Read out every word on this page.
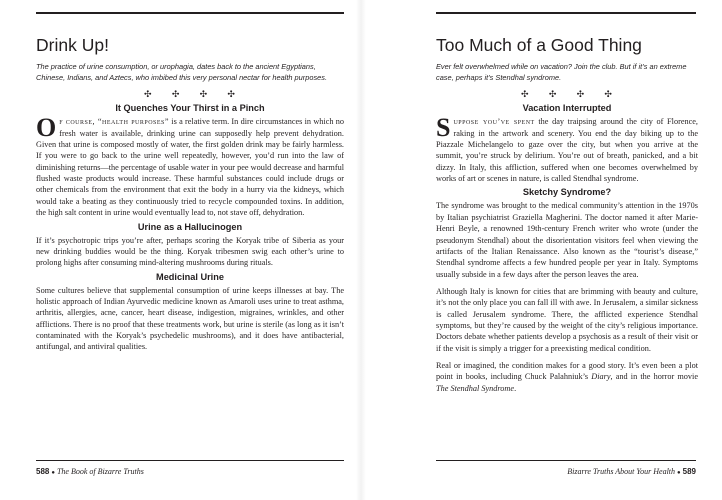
Drink Up!

The practice of urine consumption, or urophagia, dates back to the ancient Egyptians, Chinese, Indians, and Aztecs, who imbibed this very personal nectar for health purposes.

✣ ✣ ✣ ✣
It Quenches Your Thirst in a Pinch

Of course, “health purposes” is a relative term. In dire circumstances in which no fresh water is available, drinking urine can supposedly help prevent dehydration. Given that urine is composed mostly of water, the first golden drink may be fairly harmless. If you were to go back to the urine well repeatedly, however, you’d run into the law of diminishing returns—the percentage of usable water in your pee would decrease and harmful flushed waste products would increase. These harmful substances could include drugs or other chemicals from the environment that exit the body in a hurry via the kidneys, which would take a beating as they continuously tried to recycle compounded toxins. In addition, the high salt content in urine would eventually lead to, not stave off, dehydration.

Urine as a Hallucinogen

If it’s psychotropic trips you’re after, perhaps scoring the Koryak tribe of Siberia as your new drinking buddies would be the thing. Koryak tribesmen swig each other’s urine to prolong highs after consuming mind-altering mushrooms during rituals.

Medicinal Urine

Some cultures believe that supplemental consumption of urine keeps illnesses at bay. The holistic approach of Indian Ayurvedic medicine known as Amaroli uses urine to treat asthma, arthritis, allergies, acne, cancer, heart disease, indigestion, migraines, wrinkles, and other afflictions. There is no proof that these treatments work, but urine is sterile (as long as it isn’t contaminated with the Koryak’s psychedelic mushrooms), and it does have antibacterial, antifungal, and antiviral qualities.

588 ● The Book of Bizarre Truths
Too Much of a Good Thing

Ever felt overwhelmed while on vacation? Join the club. But if it’s an extreme case, perhaps it’s Stendhal syndrome.

✣ ✣ ✣ ✣
Vacation Interrupted

Suppose you’ve spent the day traipsing around the city of Florence, raking in the artwork and scenery. You end the day biking up to the Piazzale Michelangelo to gaze over the city, but when you arrive at the summit, you’re struck by delirium. You’re out of breath, panicked, and a bit dizzy. In Italy, this affliction, suffered when one becomes overwhelmed by works of art or scenes in nature, is called Stendhal syndrome.

Sketchy Syndrome?

The syndrome was brought to the medical community’s attention in the 1970s by Italian psychiatrist Graziella Magherini. The doctor named it after Marie-Henri Beyle, a renowned 19th-century French writer who wrote (under the pseudonym Stendhal) about the disorientation visitors feel when viewing the artifacts of the Italian Renaissance. Also known as the “tourist’s disease,” Stendhal syndrome affects a few hundred people per year in Italy. Symptoms usually subside in a few days after the person leaves the area.

Although Italy is known for cities that are brimming with beauty and culture, it’s not the only place you can fall ill with awe. In Jerusalem, a similar sickness is called Jerusalem syndrome. There, the afflicted experience Stendhal symptoms, but they’re caused by the weight of the city’s religious importance. Doctors debate whether patients develop a psychosis as a result of their visit or if the visit is simply a trigger for a preexisting medical condition.

Real or imagined, the condition makes for a good story. It’s even been a plot point in books, including Chuck Palahniuk’s Diary, and in the horror movie The Stendhal Syndrome.

Bizarre Truths About Your Health ● 589
